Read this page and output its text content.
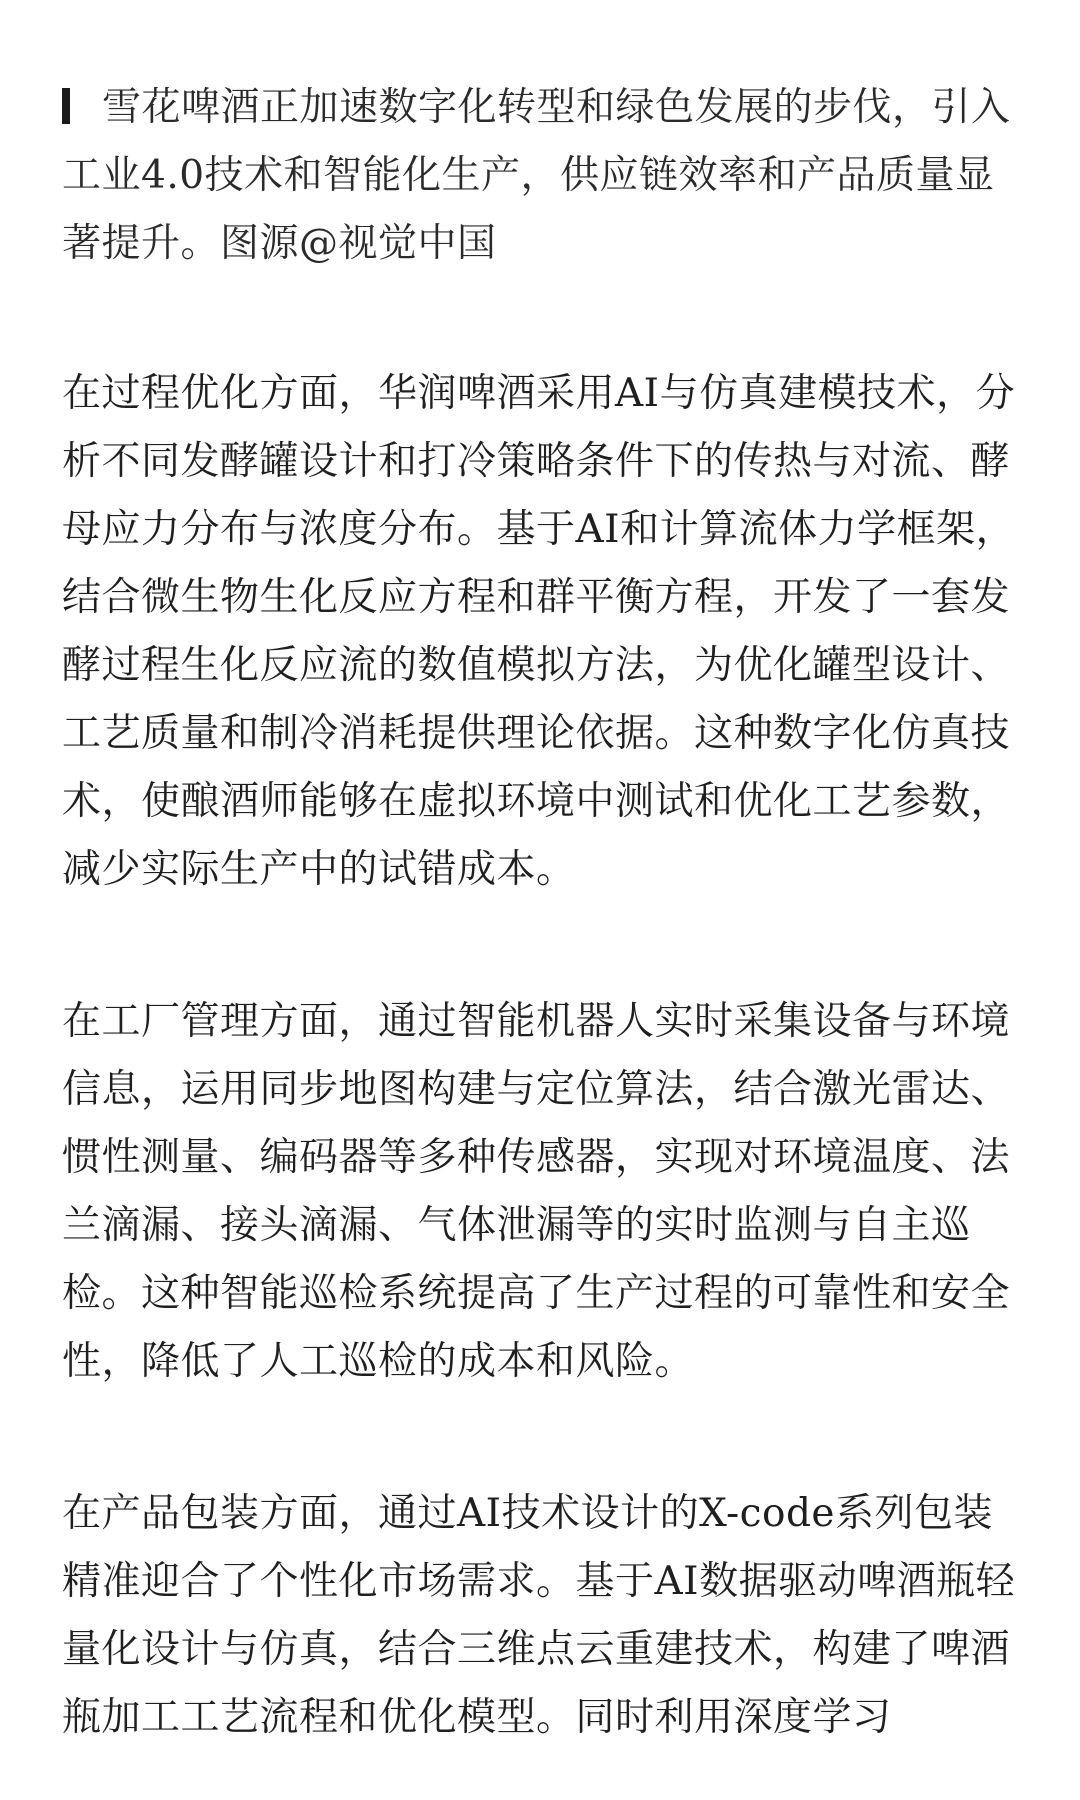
雪花啤酒正加速数字化转型和绿色发展的步伐，引入工业4.0技术和智能化生产，供应链效率和产品质量显著提升。图源@视觉中国

在过程优化方面，华润啤酒采用AI与仿真建模技术，分析不同发酵罐设计和打冷策略条件下的传热与对流、酵母应力分布与浓度分布。基于AI和计算流体力学框架，结合微生物生化反应方程和群平衡方程，开发了一套发酵过程生化反应流的数值模拟方法，为优化罐型设计、工艺质量和制冷消耗提供理论依据。这种数字化仿真技术，使酿酒师能够在虚拟环境中测试和优化工艺参数，减少实际生产中的试错成本。

在工厂管理方面，通过智能机器人实时采集设备与环境信息，运用同步地图构建与定位算法，结合激光雷达、惯性测量、编码器等多种传感器，实现对环境温度、法兰滴漏、接头滴漏、气体泄漏等的实时监测与自主巡检。这种智能巡检系统提高了生产过程的可靠性和安全性，降低了人工巡检的成本和风险。

在产品包装方面，通过AI技术设计的X-code系列包装精准迎合了个性化市场需求。基于AI数据驱动啤酒瓶轻量化设计与仿真，结合三维点云重建技术，构建了啤酒瓶加工工艺流程和优化模型。同时利用深度学习
